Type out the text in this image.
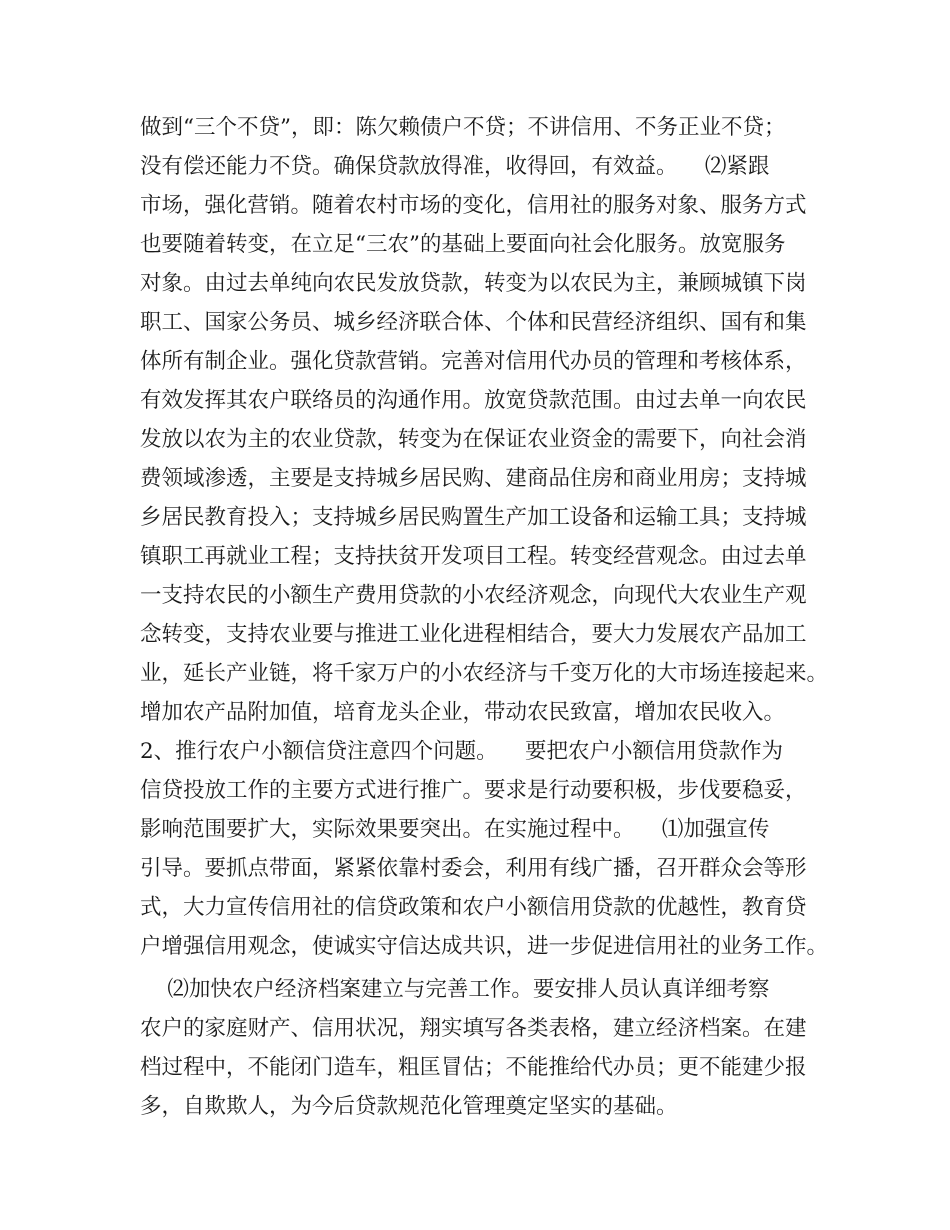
做到“三个不贷”，即：陈欠赖债户不贷；不讲信用、不务正业不贷；
没有偿还能力不贷。确保贷款放得准，收得回，有效益。    ⑵紧跟
市场，强化营销。随着农村市场的变化，信用社的服务对象、服务方式
也要随着转变，在立足“三农”的基础上要面向社会化服务。放宽服务
对象。由过去单纯向农民发放贷款，转变为以农民为主，兼顾城镇下岗
职工、国家公务员、城乡经济联合体、个体和民营经济组织、国有和集
体所有制企业。强化贷款营销。完善对信用代办员的管理和考核体系，
有效发挥其农户联络员的沟通作用。放宽贷款范围。由过去单一向农民
发放以农为主的农业贷款，转变为在保证农业资金的需要下，向社会消
费领域渗透，主要是支持城乡居民购、建商品住房和商业用房；支持城
乡居民教育投入；支持城乡居民购置生产加工设备和运输工具；支持城
镇职工再就业工程；支持扶贫开发项目工程。转变经营观念。由过去单
一支持农民的小额生产费用贷款的小农经济观念，向现代大农业生产观
念转变，支持农业要与推进工业化进程相结合，要大力发展农产品加工
业，延长产业链，将千家万户的小农经济与千变万化的大市场连接起来。
增加农产品附加值，培育龙头企业，带动农民致富，增加农民收入。
2、推行农户小额信贷注意四个问题。    要把农户小额信用贷款作为
信贷投放工作的主要方式进行推广。要求是行动要积极，步伐要稳妥，
影响范围要扩大，实际效果要突出。在实施过程中。    ⑴加强宣传
引导。要抓点带面，紧紧依靠村委会，利用有线广播，召开群众会等形
式，大力宣传信用社的信贷政策和农户小额信用贷款的优越性，教育贷
户增强信用观念，使诚实守信达成共识，进一步促进信用社的业务工作。
⑵加快农户经济档案建立与完善工作。要安排人员认真详细考察
农户的家庭财产、信用状况，翔实填写各类表格，建立经济档案。在建
档过程中，不能闭门造车，粗匡冒估；不能推给代办员；更不能建少报
多，自欺欺人，为今后贷款规范化管理奠定坚实的基础。
